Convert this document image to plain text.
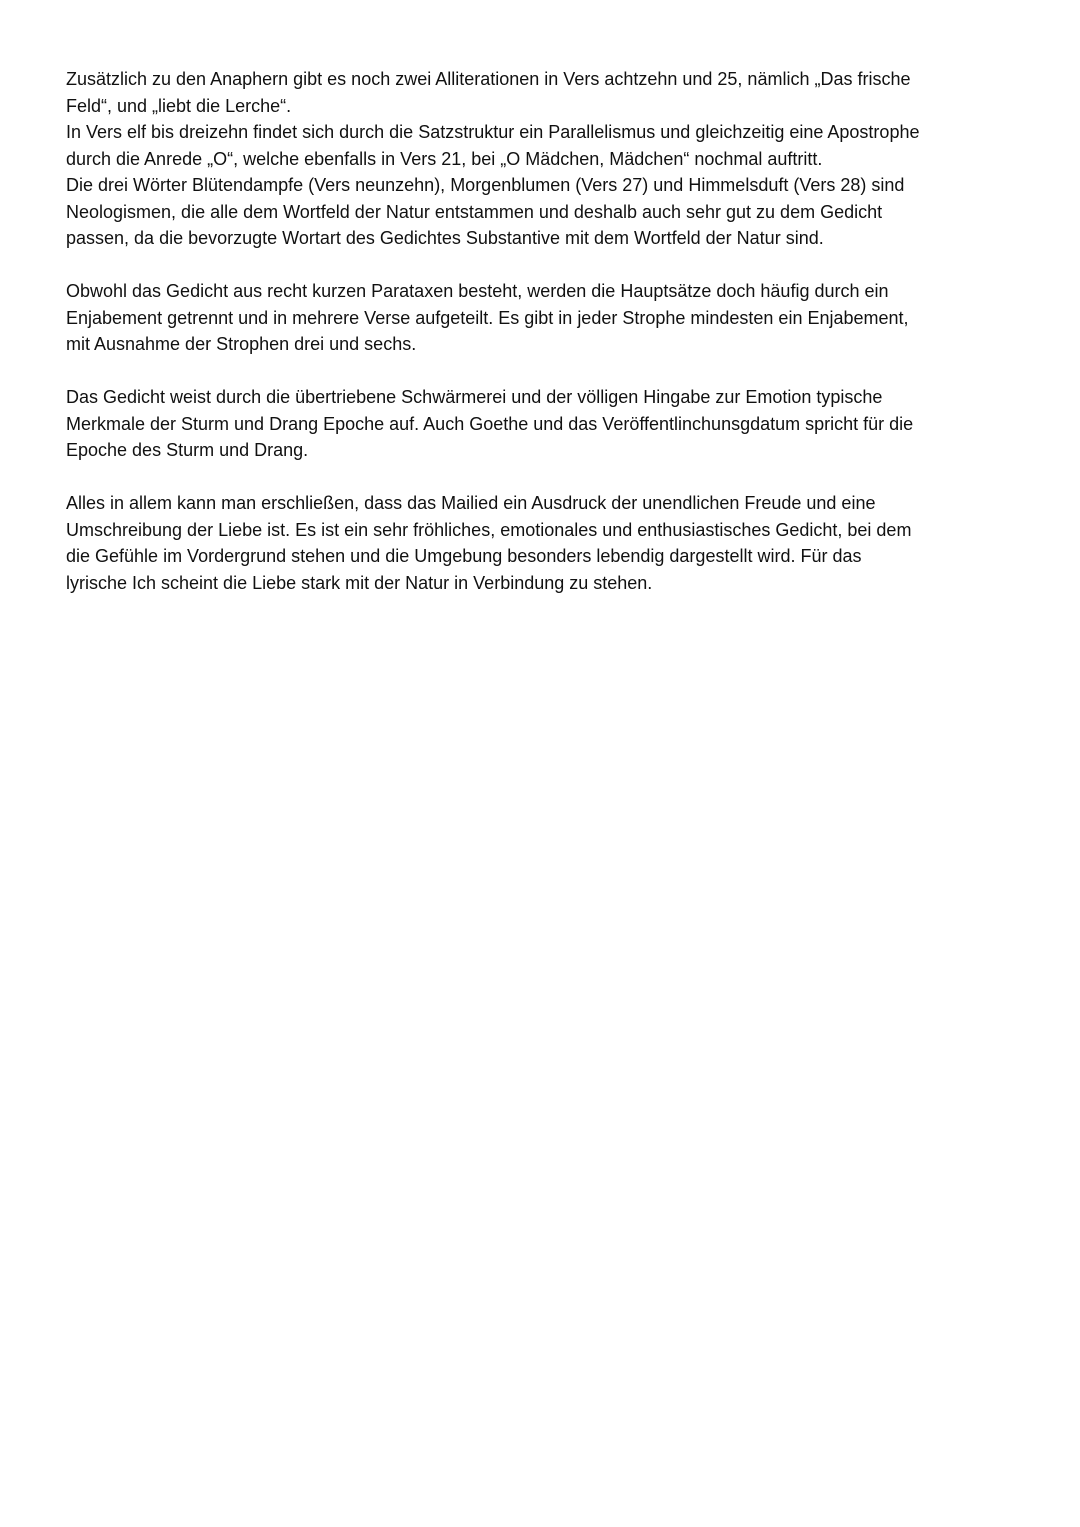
Zusätzlich zu den Anaphern gibt es noch zwei Alliterationen in Vers achtzehn und 25, nämlich „Das frische
Feld“, und „liebt die Lerche“.
In Vers elf bis dreizehn findet sich durch die Satzstruktur ein Parallelismus und gleichzeitig eine Apostrophe
durch die Anrede „O“, welche ebenfalls in Vers 21, bei „O Mädchen, Mädchen“ nochmal auftritt.
Die drei Wörter Blütendampfe (Vers neunzehn), Morgenblumen (Vers 27) und Himmelsduft (Vers 28) sind
Neologismen, die alle dem Wortfeld der Natur entstammen und deshalb auch sehr gut zu dem Gedicht
passen, da die bevorzugte Wortart des Gedichtes Substantive mit dem Wortfeld der Natur sind.

Obwohl das Gedicht aus recht kurzen Parataxen besteht, werden die Hauptsätze doch häufig durch ein
Enjabement getrennt und in mehrere Verse aufgeteilt. Es gibt in jeder Strophe mindesten ein Enjabement,
mit Ausnahme der Strophen drei und sechs.

Das Gedicht weist durch die übertriebene Schwärmerei und der völligen Hingabe zur Emotion typische
Merkmale der Sturm und Drang Epoche auf. Auch Goethe und das Veröffentlinchunsgdatum spricht für die
Epoche des Sturm und Drang.

Alles in allem kann man erschließen, dass das Mailied ein Ausdruck der unendlichen Freude und eine
Umschreibung der Liebe ist. Es ist ein sehr fröhliches, emotionales und enthusiastisches Gedicht, bei dem
die Gefühle im Vordergrund stehen und die Umgebung besonders lebendig dargestellt wird. Für das
lyrische Ich scheint die Liebe stark mit der Natur in Verbindung zu stehen.
